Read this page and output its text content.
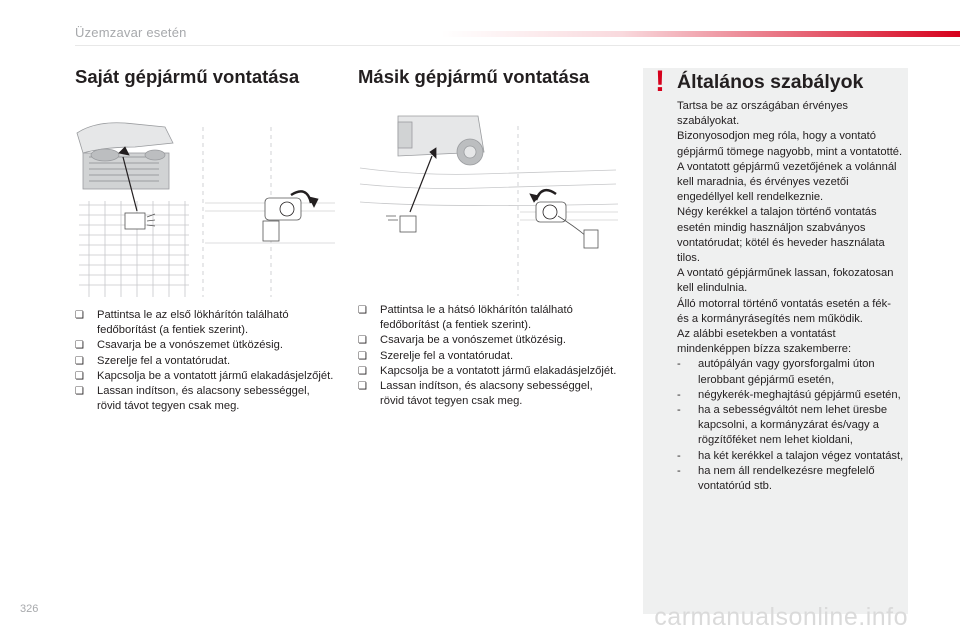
Üzemzavar esetén
Saját gépjármű vontatása
❏ Pattintsa le az első lökhárítón található fedőborítást (a fentiek szerint).
❏ Csavarja be a vonószemet ütközésig.
❏ Szerelje fel a vontatórudat.
❏ Kapcsolja be a vontatott jármű elakadásjelzőjét.
❏ Lassan indítson, és alacsony sebességgel, rövid távot tegyen csak meg.
Másik gépjármű vontatása
❏ Pattintsa le a hátsó lökhárítón található fedőborítást (a fentiek szerint).
❏ Csavarja be a vonószemet ütközésig.
❏ Szerelje fel a vontatórudat.
❏ Kapcsolja be a vontatott jármű elakadásjelzőjét.
❏ Lassan indítson, és alacsony sebességgel, rövid távot tegyen csak meg.
! Általános szabályok

Tartsa be az országában érvényes szabályokat.

Bizonyosodjon meg róla, hogy a vontató gépjármű tömege nagyobb, mint a vontatotté.

A vontatott gépjármű vezetőjének a volánnál kell maradnia, és érvényes vezetői engedéllyel kell rendelkeznie.

Négy kerékkel a talajon történő vontatás esetén mindig használjon szabványos vontatórudat; kötél és heveder használata tilos.

A vontató gépjárműnek lassan, fokozatosan kell elindulnia.

Álló motorral történő vontatás esetén a fék- és a kormányrásegítés nem működik.

Az alábbi esetekben a vontatást mindenképpen bízza szakemberre:

- autópályán vagy gyorsforgalmi úton lerobbant gépjármű esetén,
- négykerék-meghajtású gépjármű esetén,
- ha a sebességváltót nem lehet üresbe kapcsolni, a kormányzárat és/vagy a rögzítőféket nem lehet kioldani,
- ha két kerékkel a talajon végez vontatást,
- ha nem áll rendelkezésre megfelelő vontatórúd stb.
326	carmanualsonline.info
